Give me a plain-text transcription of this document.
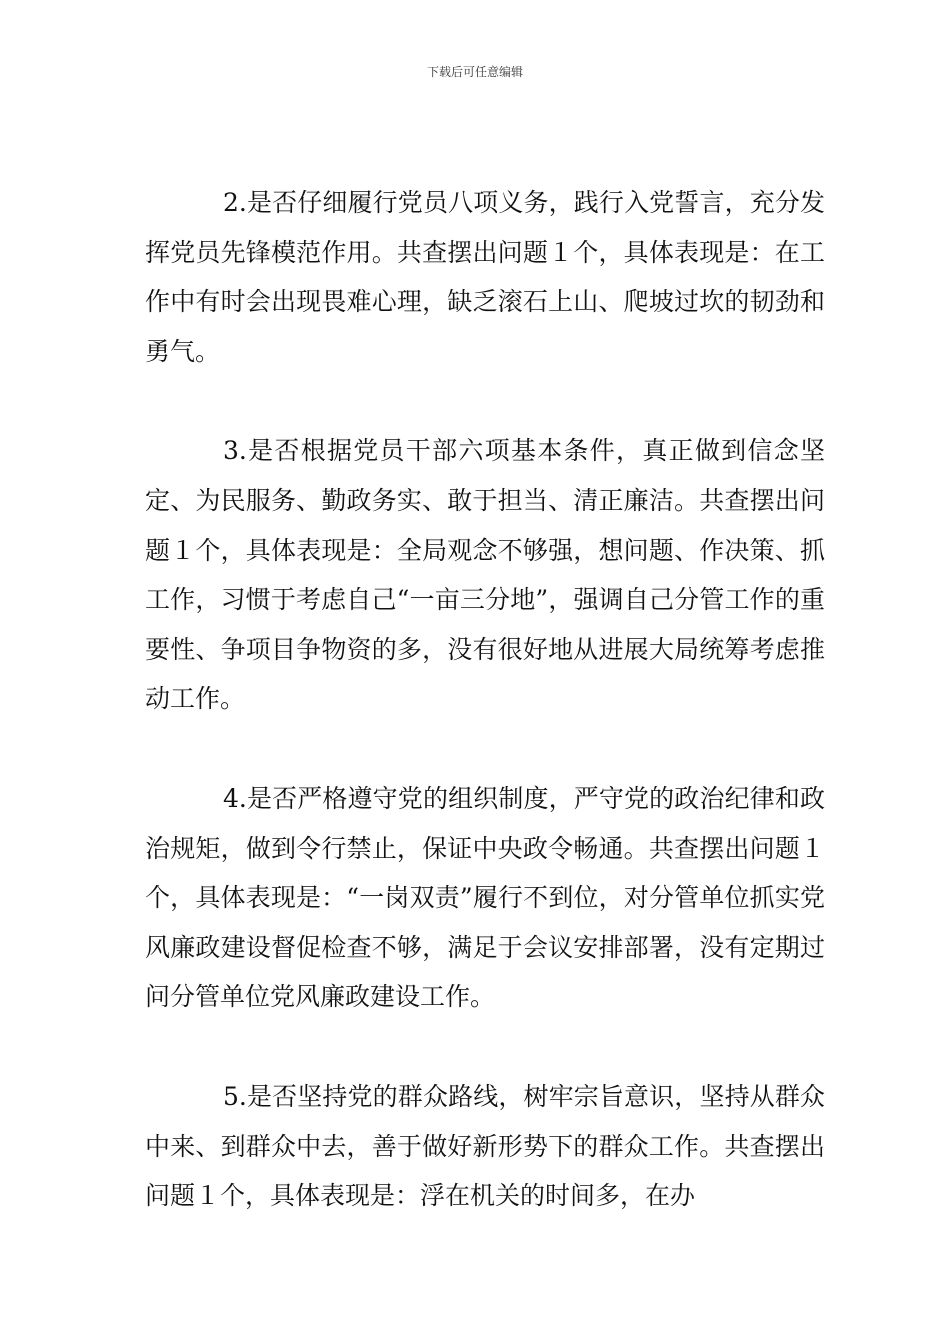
下载后可任意编辑

2.是否仔细履行党员八项义务，践行入党誓言，充分发挥党员先锋模范作用。共查摆出问题１个，具体表现是：在工作中有时会出现畏难心理，缺乏滚石上山、爬坡过坎的韧劲和勇气。

3.是否根据党员干部六项基本条件，真正做到信念坚定、为民服务、勤政务实、敢于担当、清正廉洁。共查摆出问题１个，具体表现是：全局观念不够强，想问题、作决策、抓工作，习惯于考虑自己“一亩三分地”，强调自己分管工作的重要性、争项目争物资的多，没有很好地从进展大局统筹考虑推动工作。

4.是否严格遵守党的组织制度，严守党的政治纪律和政治规矩，做到令行禁止，保证中央政令畅通。共查摆出问题１个，具体表现是：“一岗双责”履行不到位，对分管单位抓实党风廉政建设督促检查不够，满足于会议安排部署，没有定期过问分管单位党风廉政建设工作。

5.是否坚持党的群众路线，树牢宗旨意识，坚持从群众中来、到群众中去，善于做好新形势下的群众工作。共查摆出问题１个，具体表现是：浮在机关的时间多，在办
